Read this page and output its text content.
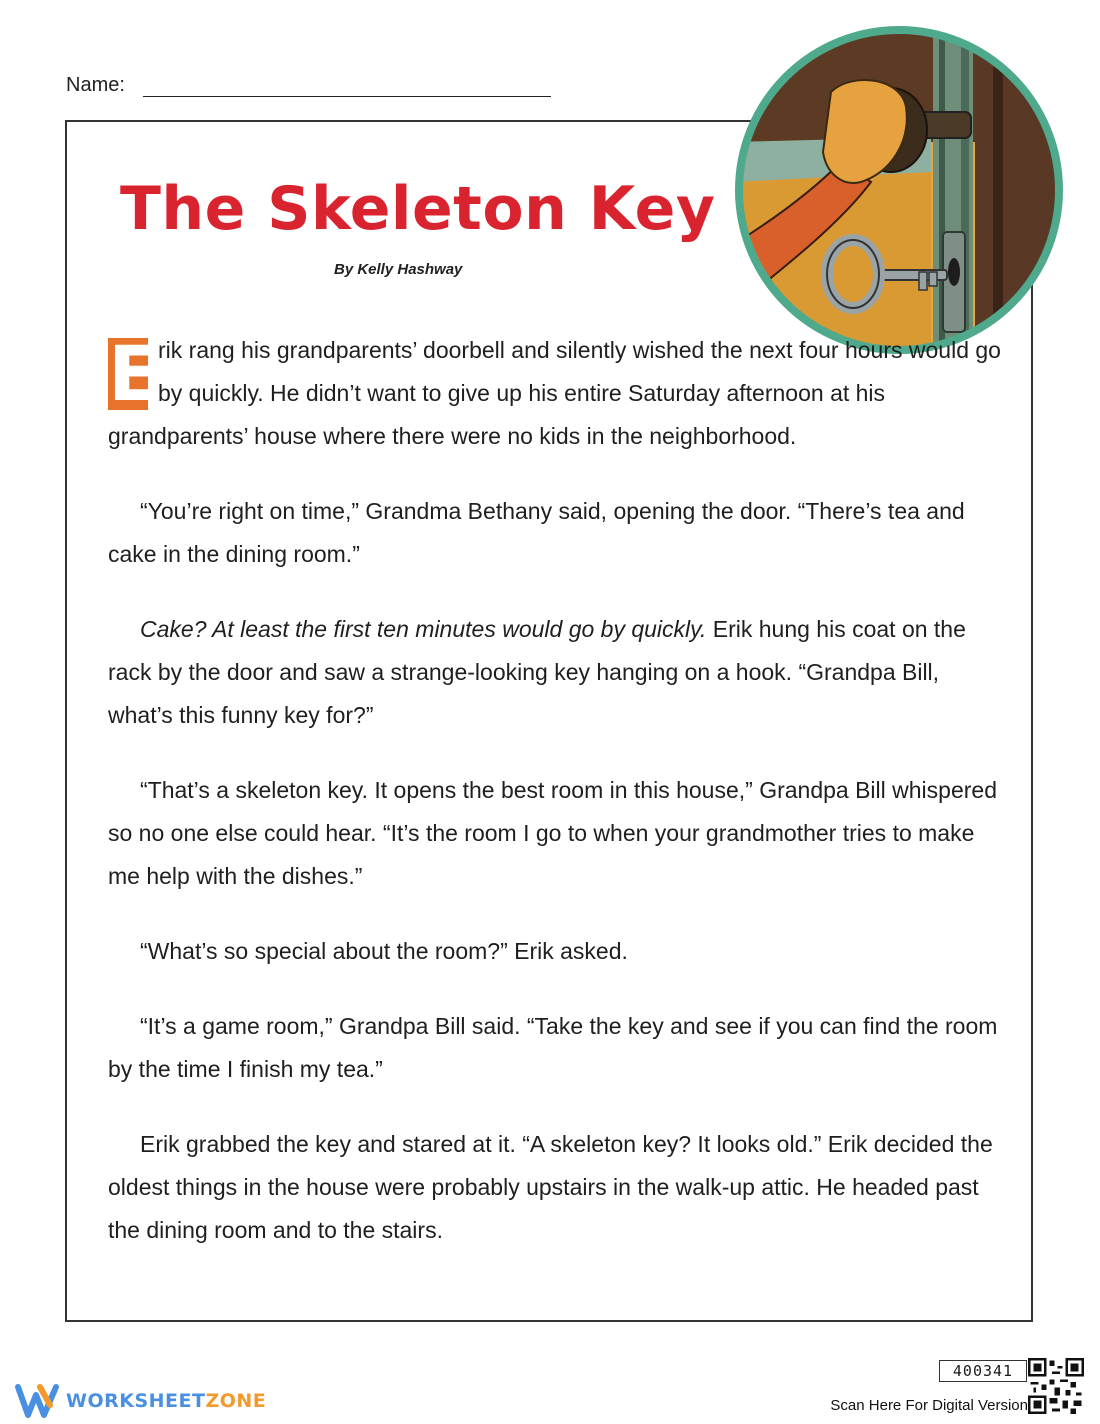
Name:
The Skeleton Key
By Kelly Hashway

E
rik rang his grandparents’ doorbell and silently wished the next four hours would go by quickly. He didn’t want to give up his entire Saturday afternoon at his grandparents’ house where there were no kids in the neighborhood.

“You’re right on time,” Grandma Bethany said, opening the door. “There’s tea and cake in the dining room.”

Cake? At least the first ten minutes would go by quickly. Erik hung his coat on the rack by the door and saw a strange-looking key hanging on a hook. “Grandpa Bill, what’s this funny key for?”

“That’s a skeleton key. It opens the best room in this house,” Grandpa Bill whispered so no one else could hear. “It’s the room I go to when your grandmother tries to make me help with the dishes.”

“What’s so special about the room?” Erik asked.

“It’s a game room,” Grandpa Bill said. “Take the key and see if you can find the room by the time I finish my tea.”

Erik grabbed the key and stared at it. “A skeleton key? It looks old.” Erik decided the oldest things in the house were probably upstairs in the walk-up attic. He headed past the dining room and to the stairs.

WORKSHEETZONE
400341
Scan Here For Digital Version
